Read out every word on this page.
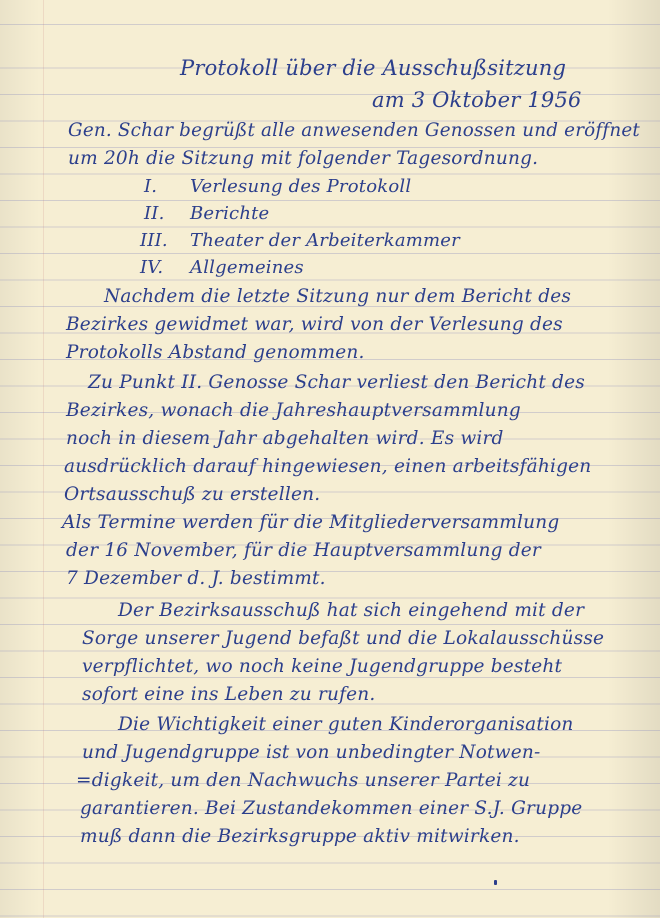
Protokoll über die Ausschußsitzung
am 3 Oktober 1956
Gen. Schar begrüßt alle anwesenden Genossen und eröffnet
um 20h die Sitzung mit folgender Tagesordnung.
I. Verlesung des Protokoll
II. Berichte
III. Theater der Arbeiterkammer
IV. Allgemeines
Nachdem die letzte Sitzung nur dem Bericht des
Bezirkes gewidmet war, wird von der Verlesung des
Protokolls Abstand genommen.
Zu Punkt II. Genosse Schar verliest den Bericht des
Bezirkes, wonach die Jahreshauptversammlung
noch in diesem Jahr abgehalten wird. Es wird
ausdrücklich darauf hingewiesen, einen arbeitsfähigen
Ortsausschuß zu erstellen.
Als Termine werden für die Mitgliederversammlung
der 16 November, für die Hauptversammlung der
7 Dezember d. J. bestimmt.
Der Bezirksausschuß hat sich eingehend mit der
Sorge unserer Jugend befaßt und die Lokalausschüsse
verpflichtet, wo noch keine Jugendgruppe besteht
sofort eine ins Leben zu rufen.
Die Wichtigkeit einer guten Kinderorganisation
und Jugendgruppe ist von unbedingter Notwen-
=digkeit, um den Nachwuchs unserer Partei zu
garantieren. Bei Zustandekommen einer S.J. Gruppe
muß dann die Bezirksgruppe aktiv mitwirken.
